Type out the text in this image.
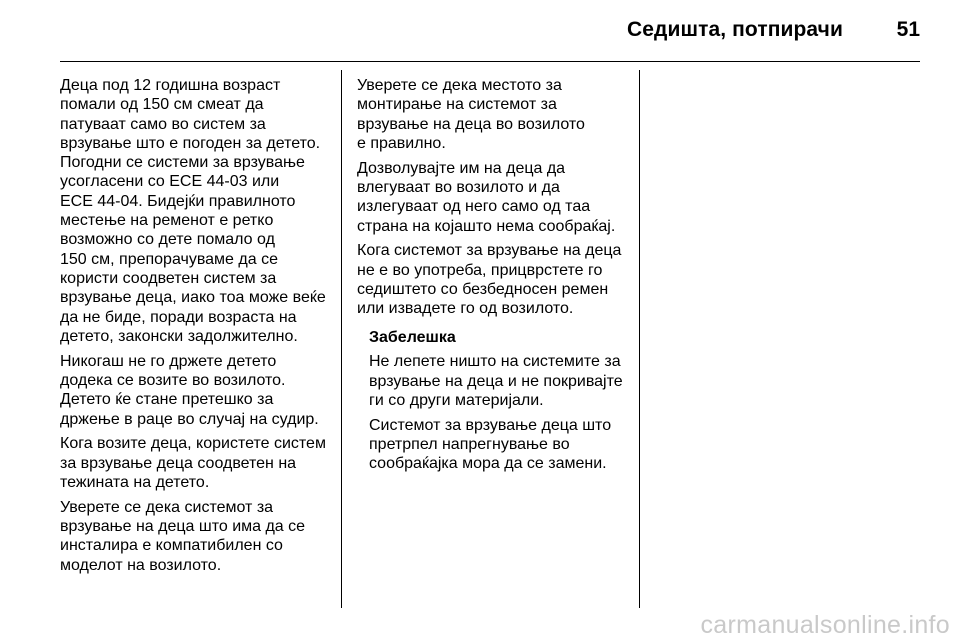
Седишта, потпирачи	51

Деца под 12 годишна возраст
помали од 150 см смеат да
патуваат само во систем за
врзување што е погоден за детето.
Погодни се системи за врзување
усогласени со ECE 44-03 или
ECE 44-04. Бидејќи правилното
местење на ременот е ретко
возможно со дете помало од
150 см, препорачуваме да се
користи соодветен систем за
врзување деца, иако тоа може веќе
да не биде, поради возраста на
детето, законски задолжително.

Никогаш не го држете детето
додека се возите во возилото.
Детето ќе стане претешко за
држење в раце во случај на судир.

Кога возите деца, користете систем
за врзување деца соодветен на
тежината на детето.

Уверете се дека системот за
врзување на деца што има да се
инсталира е компатибилен со
моделот на возилото.

Уверете се дека местото за
монтирање на системот за
врзување на деца во возилото
е правилно.

Дозволувајте им на деца да
влегуваат во возилото и да
излегуваат од него само од таа
страна на којашто нема сообраќај.

Кога системот за врзување на деца
не е во употреба, прицврстете го
седиштето со безбедносен ремен
или извадете го од возилото.

Забелешка

Не лепете ништо на системите за
врзување на деца и не покривајте
ги со други материјали.

Системот за врзување деца што
претрпел напрегнување во
сообраќајка мора да се замени.

carmanualsonline.info
